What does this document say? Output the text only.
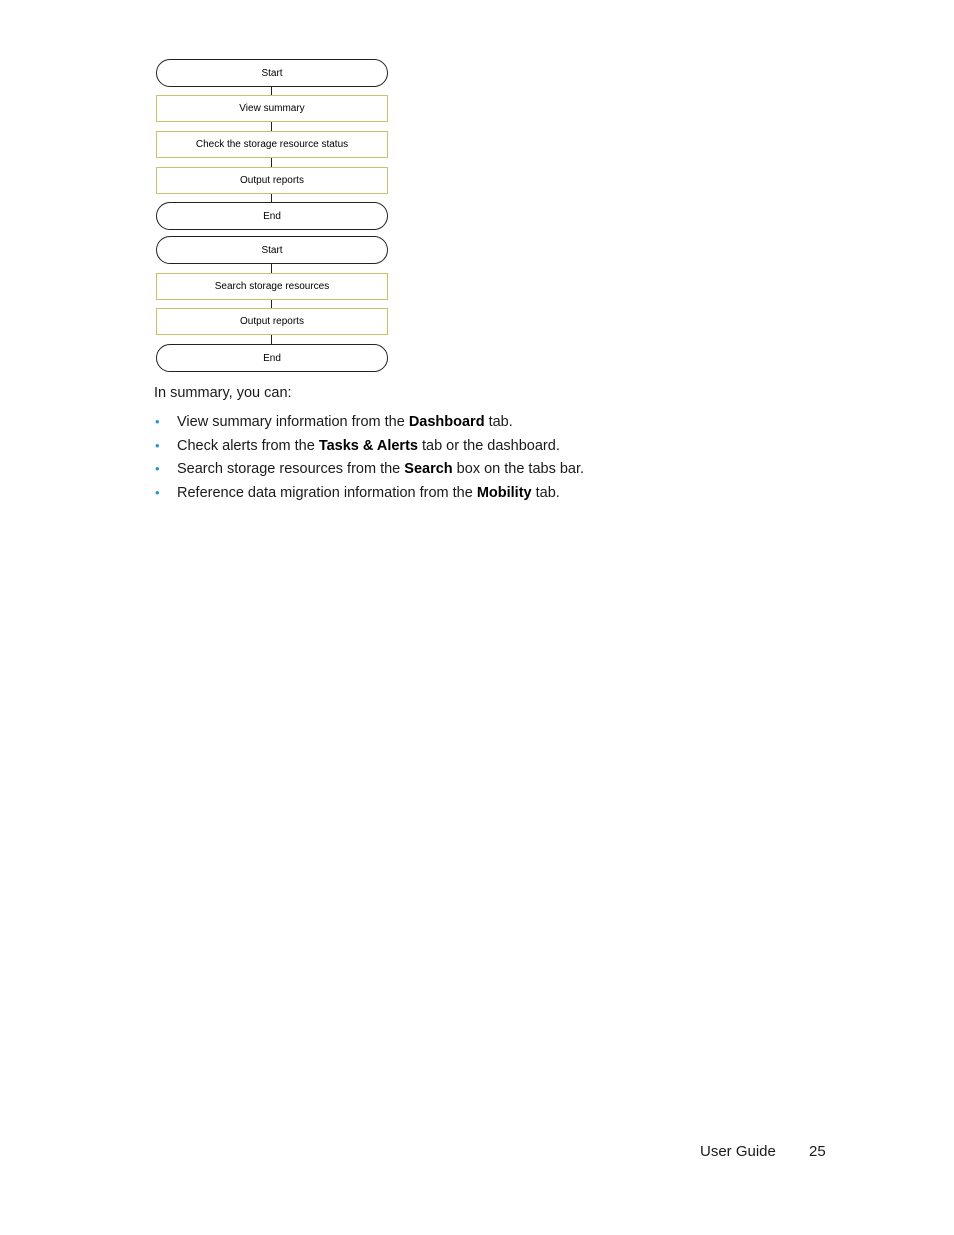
Start
View summary
Check the storage resource status
Output reports
End
Start
Search storage resources
Output reports
End
In summary, you can:
• View summary information from the Dashboard tab.
• Check alerts from the Tasks & Alerts tab or the dashboard.
• Search storage resources from the Search box on the tabs bar.
• Reference data migration information from the Mobility tab.
User Guide 25
